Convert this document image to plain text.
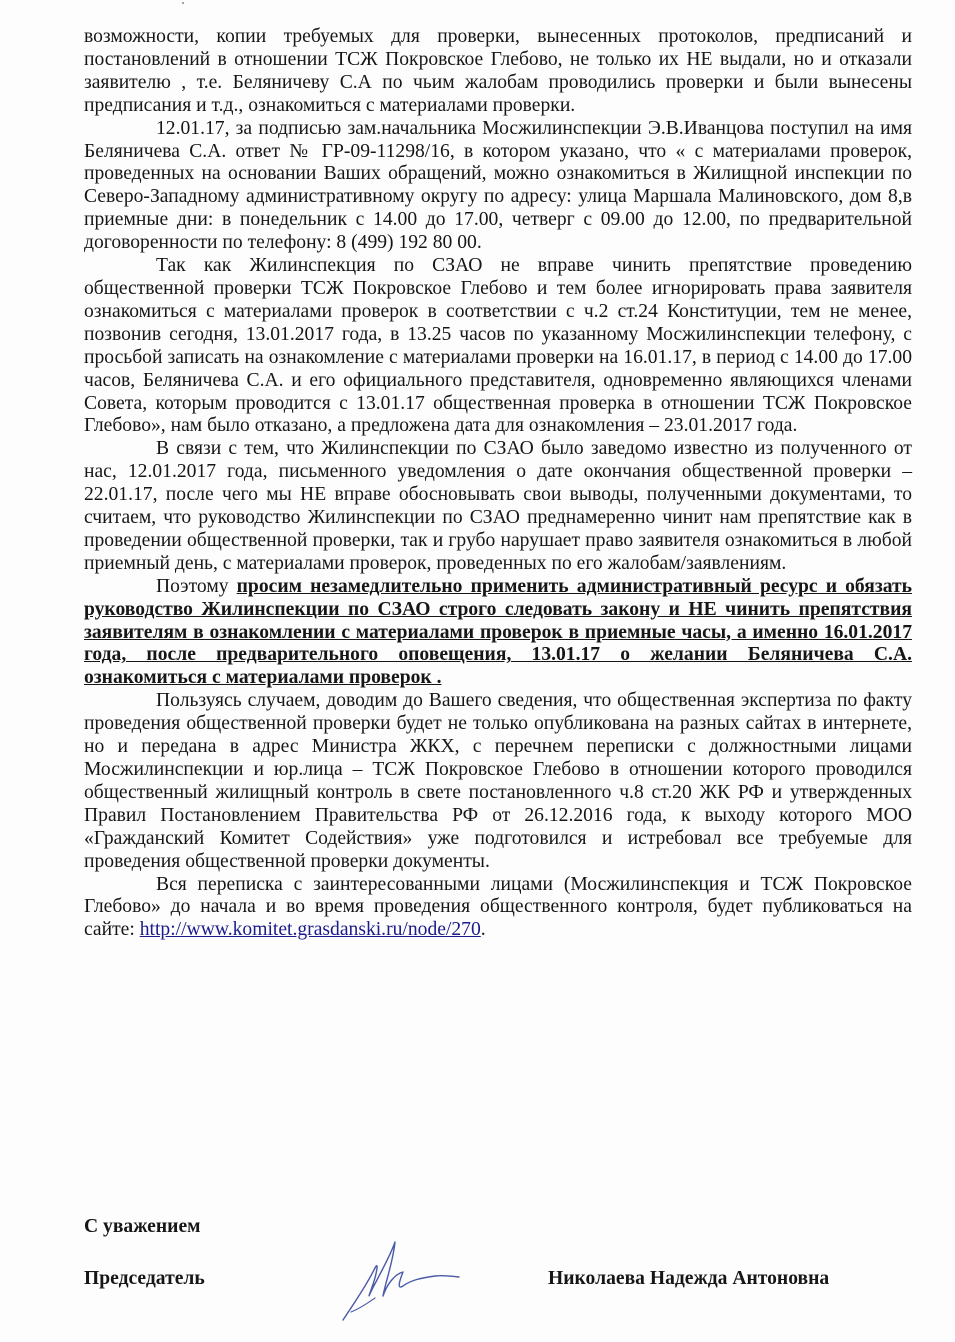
возможности, копии требуемых для проверки, вынесенных протоколов, предписаний и постановлений в отношении ТСЖ Покровское Глебово, не только их НЕ выдали, но и отказали заявителю , т.е. Беляничеву С.А по чьим жалобам проводились проверки и были вынесены предписания и т.д., ознакомиться с материалами проверки.

12.01.17, за подписью зам.начальника Мосжилинспекции Э.В.Иванцова поступил на имя Беляничева С.А. ответ № ГР-09-11298/16, в котором указано, что « с материалами проверок, проведенных на основании Ваших обращений, можно ознакомиться в Жилищной инспекции по Северо-Западному административному округу по адресу: улица Маршала Малиновского, дом 8,в приемные дни: в понедельник с 14.00 до 17.00, четверг с 09.00 до 12.00, по предварительной договоренности по телефону: 8 (499) 192 80 00.

Так как Жилинспекция по СЗАО не вправе чинить препятствие проведению общественной проверки ТСЖ Покровское Глебово и тем более игнорировать права заявителя ознакомиться с материалами проверок в соответствии с ч.2 ст.24 Конституции, тем не менее, позвонив сегодня, 13.01.2017 года, в 13.25 часов по указанному Мосжилинспекции телефону, с просьбой записать на ознакомление с материалами проверки на 16.01.17, в период с 14.00 до 17.00 часов, Беляничева С.А. и его официального представителя, одновременно являющихся членами Совета, которым проводится с 13.01.17 общественная проверка в отношении ТСЖ Покровское Глебово», нам было отказано, а предложена дата для ознакомления – 23.01.2017 года.

В связи с тем, что Жилинспекции по СЗАО было заведомо известно из полученного от нас, 12.01.2017 года, письменного уведомления о дате окончания общественной проверки – 22.01.17, после чего мы НЕ вправе обосновывать свои выводы, полученными документами, то считаем, что руководство Жилинспекции по СЗАО преднамеренно чинит нам препятствие как в проведении общественной проверки, так и грубо нарушает право заявителя ознакомиться в любой приемный день, с материалами проверок, проведенных по его жалобам/заявлениям.

Поэтому просим незамедлительно применить административный ресурс и обязать руководство Жилинспекции по СЗАО строго следовать закону и НЕ чинить препятствия заявителям в ознакомлении с материалами проверок в приемные часы, а именно 16.01.2017 года, после предварительного оповещения, 13.01.17 о желании Беляничева С.А. ознакомиться с материалами проверок .

Пользуясь случаем, доводим до Вашего сведения, что общественная экспертиза по факту проведения общественной проверки будет не только опубликована на разных сайтах в интернете, но и передана в адрес Министра ЖКХ, с перечнем переписки с должностными лицами Мосжилинспекции и юр.лица – ТСЖ Покровское Глебово в отношении которого проводился общественный жилищный контроль в свете постановленного ч.8 ст.20 ЖК РФ и утвержденных Правил Постановлением Правительства РФ от 26.12.2016 года, к выходу которого МОО «Гражданский Комитет Содействия» уже подготовился и истребовал все требуемые для проведения общественной проверки документы.

Вся переписка с заинтересованными лицами (Мосжилинспекция и ТСЖ Покровское Глебово» до начала и во время проведения общественного контроля, будет публиковаться на сайте: http://www.komitet.grasdanski.ru/node/270.

С уважением
Председатель	Николаева Надежда Антоновна
